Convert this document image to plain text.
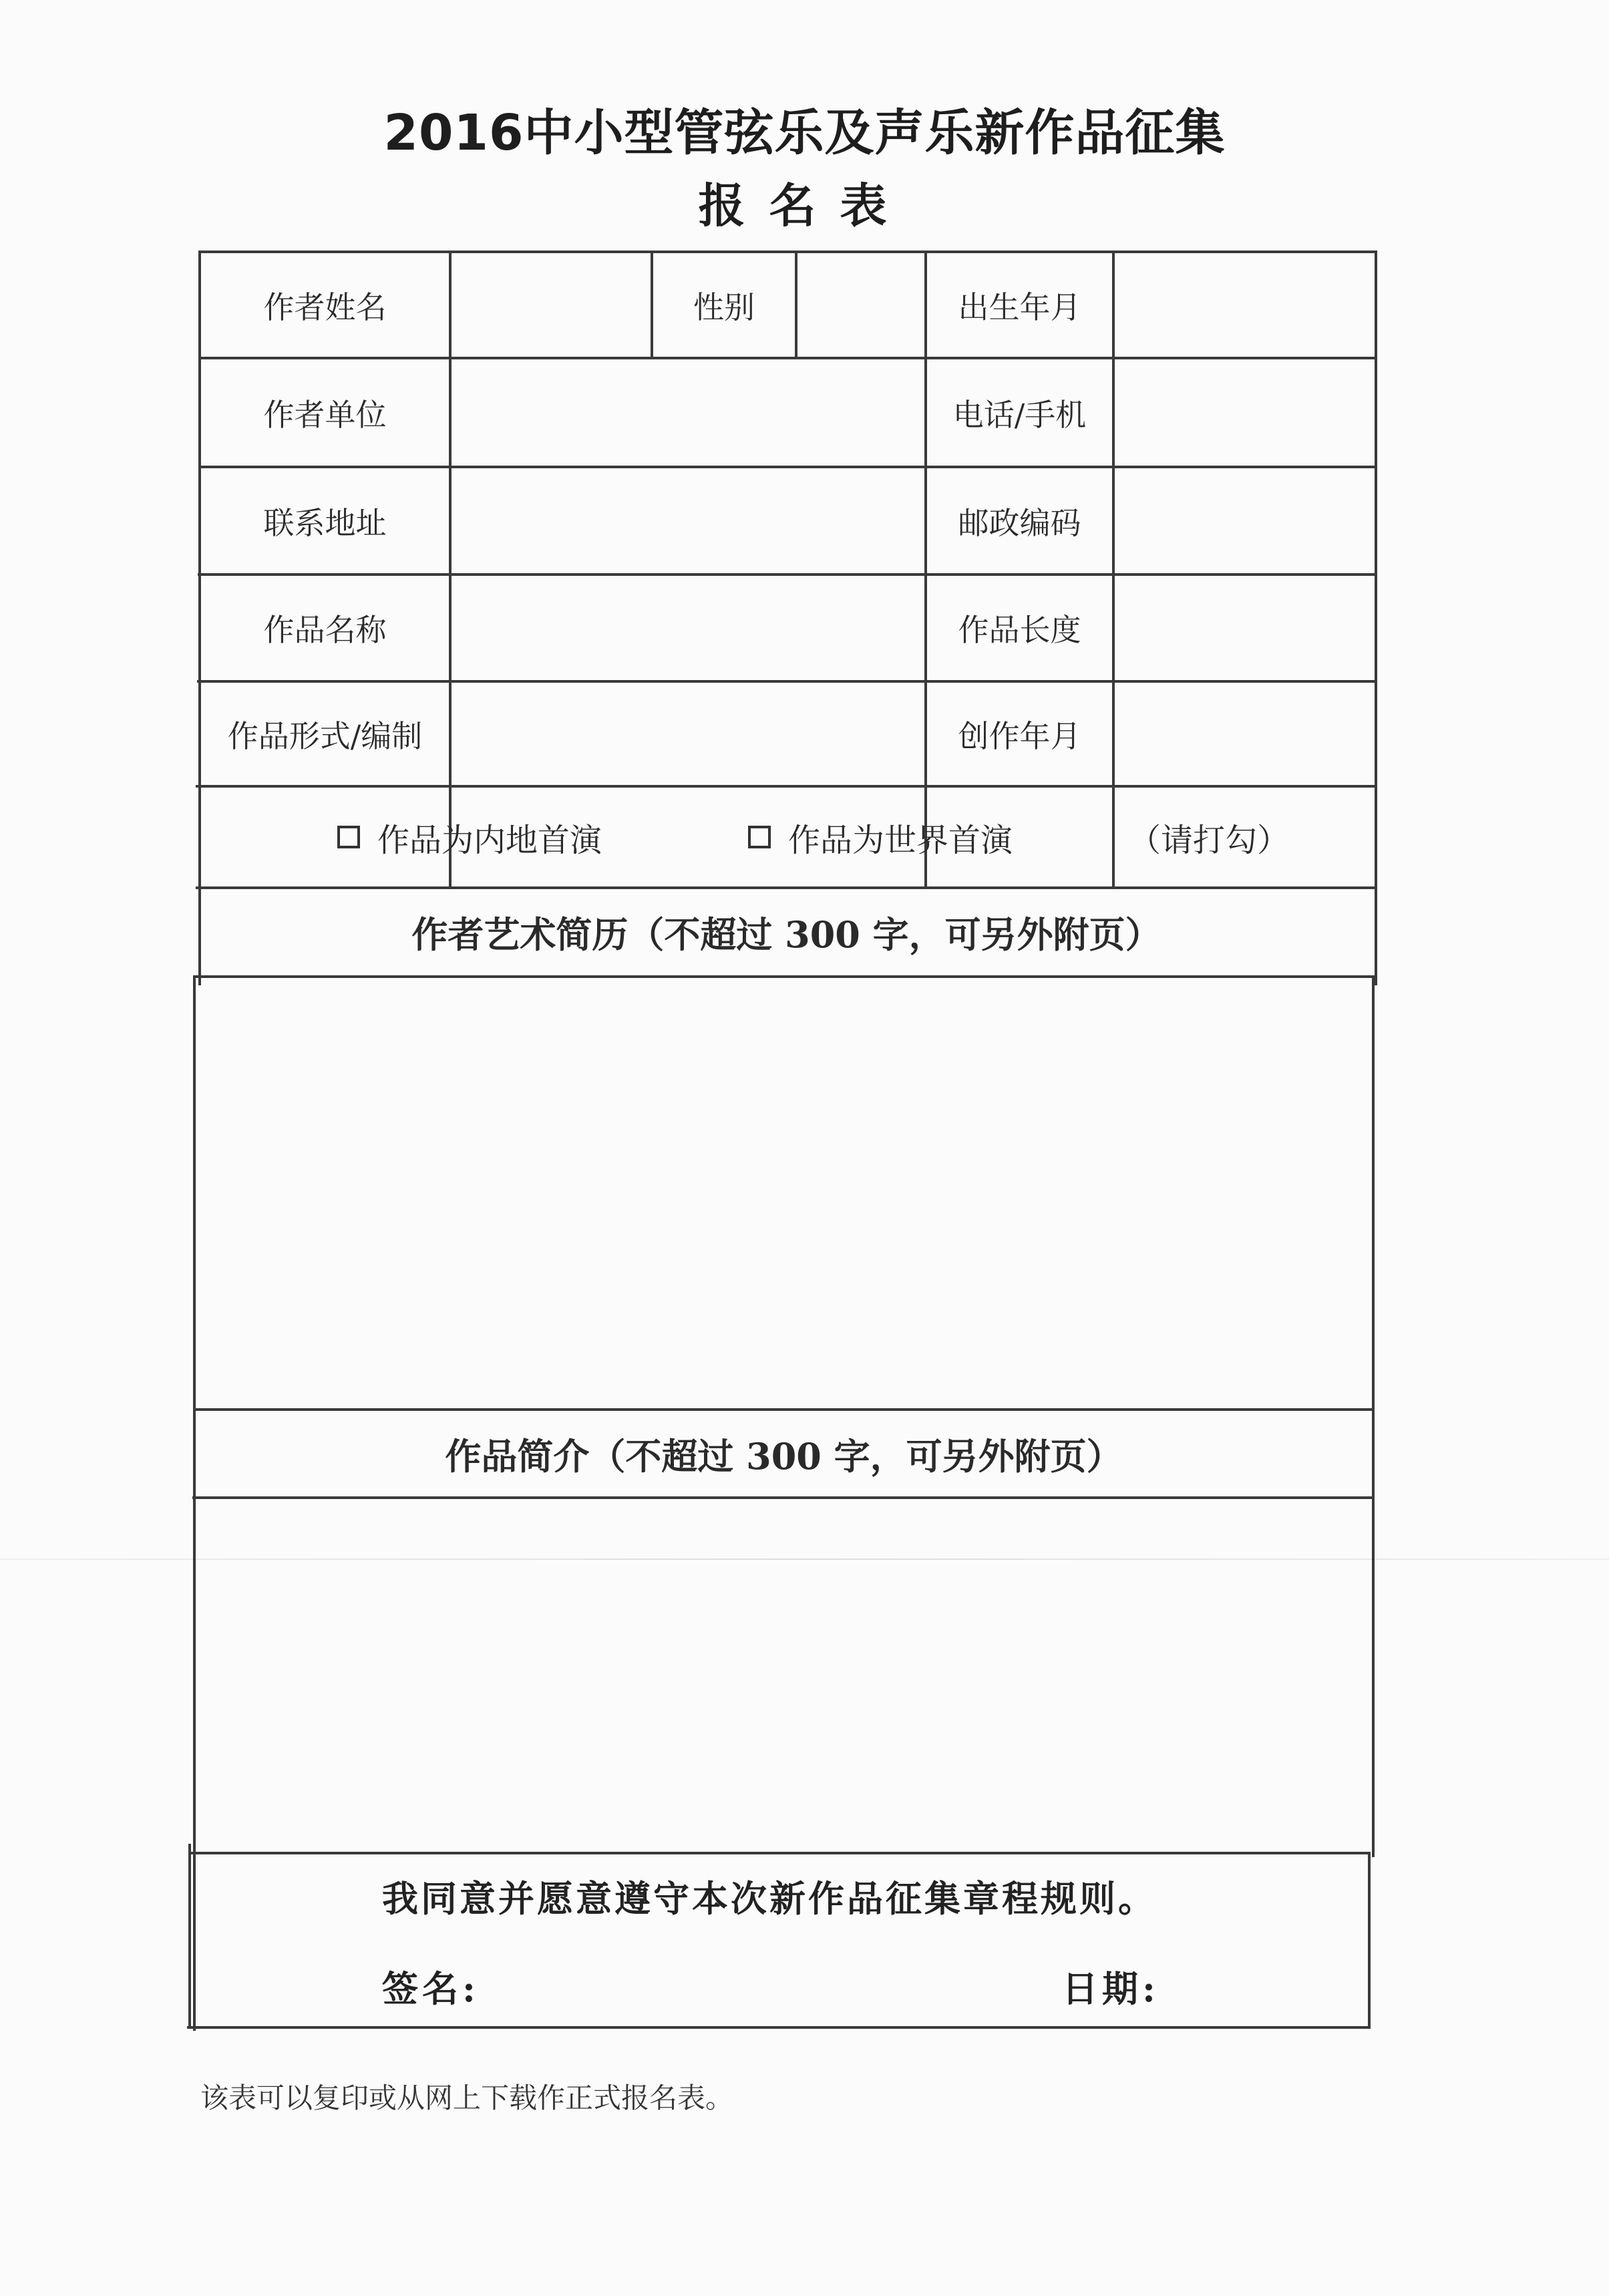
2016中小型管弦乐及声乐新作品征集
报名表
作者姓名	性别	出生年月
作者单位	电话/手机
联系地址	邮政编码
作品名称	作品长度
作品形式/编制	创作年月
作品为内地首演	作品为世界首演	（请打勾）
作者艺术简历（不超过 300 字，可另外附页）
作品简介（不超过 300 字，可另外附页）
我同意并愿意遵守本次新作品征集章程规则。
签名:	日期:
该表可以复印或从网上下载作正式报名表。
